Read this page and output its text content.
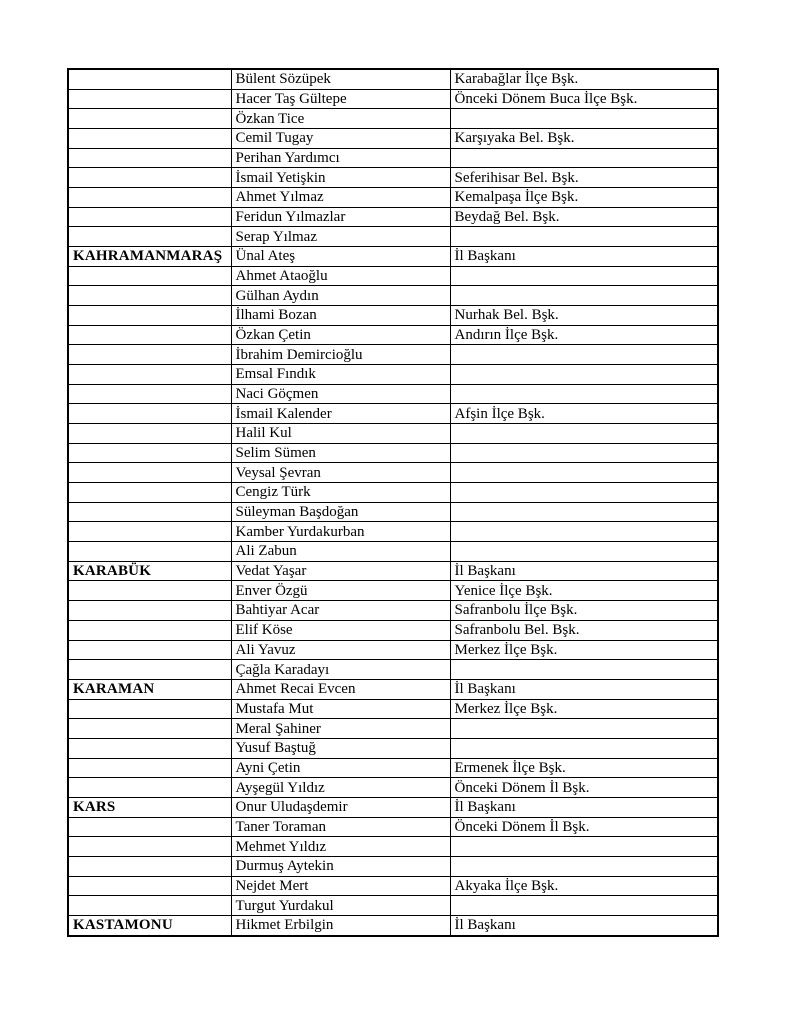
	Bülent Sözüpek	Karabağlar İlçe Bşk.
	Hacer Taş Gültepe	Önceki Dönem Buca İlçe Bşk.
	Özkan Tice	
	Cemil Tugay	Karşıyaka Bel. Bşk.
	Perihan Yardımcı	
	İsmail Yetişkin	Seferihisar Bel. Bşk.
	Ahmet Yılmaz	Kemalpaşa İlçe Bşk.
	Feridun Yılmazlar	Beydağ Bel. Bşk.
	Serap Yılmaz	
KAHRAMANMARAŞ	Ünal Ateş	İl Başkanı
	Ahmet Ataoğlu	
	Gülhan Aydın	
	İlhami Bozan	Nurhak Bel. Bşk.
	Özkan Çetin	Andırın İlçe Bşk.
	İbrahim Demircioğlu	
	Emsal Fındık	
	Naci Göçmen	
	İsmail Kalender	Afşin İlçe Bşk.
	Halil Kul	
	Selim Sümen	
	Veysal Şevran	
	Cengiz Türk	
	Süleyman Başdoğan	
	Kamber Yurdakurban	
	Ali Zabun	
KARABÜK	Vedat Yaşar	İl Başkanı
	Enver Özgü	Yenice İlçe Bşk.
	Bahtiyar Acar	Safranbolu İlçe Bşk.
	Elif Köse	Safranbolu Bel. Bşk.
	Ali Yavuz	Merkez İlçe Bşk.
	Çağla Karadayı	
KARAMAN	Ahmet Recai Evcen	İl Başkanı
	Mustafa Mut	Merkez İlçe Bşk.
	Meral Şahiner	
	Yusuf Baştuğ	
	Ayni Çetin	Ermenek İlçe Bşk.
	Ayşegül Yıldız	Önceki Dönem İl Bşk.
KARS	Onur Uludaşdemir	İl Başkanı
	Taner Toraman	Önceki Dönem İl Bşk.
	Mehmet Yıldız	
	Durmuş Aytekin	
	Nejdet Mert	Akyaka İlçe Bşk.
	Turgut Yurdakul	
KASTAMONU	Hikmet Erbilgin	İl Başkanı
